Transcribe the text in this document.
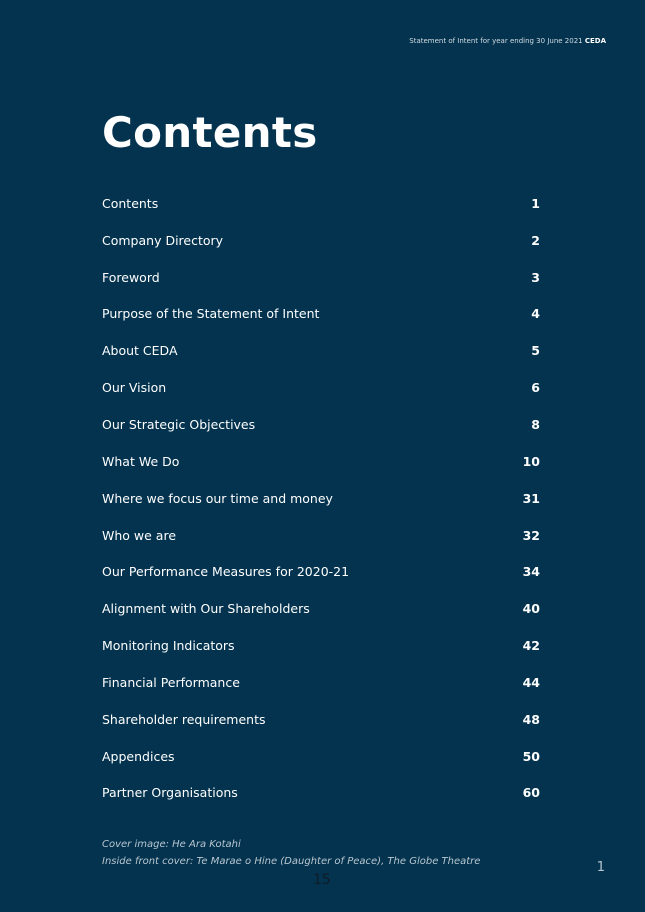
Statement of Intent for year ending 30 June 2021 CEDA
Contents
Contents	1
Company Directory	2
Foreword	3
Purpose of the Statement of Intent	4
About CEDA	5
Our Vision	6
Our Strategic Objectives	8
What We Do	10
Where we focus our time and money	31
Who we are	32
Our Performance Measures for 2020-21	34
Alignment with Our Shareholders	40
Monitoring Indicators	42
Financial Performance	44
Shareholder requirements	48
Appendices	50
Partner Organisations	60
Cover image: He Ara Kotahi
Inside front cover: Te Marae o Hine (Daughter of Peace), The Globe Theatre	1
15
